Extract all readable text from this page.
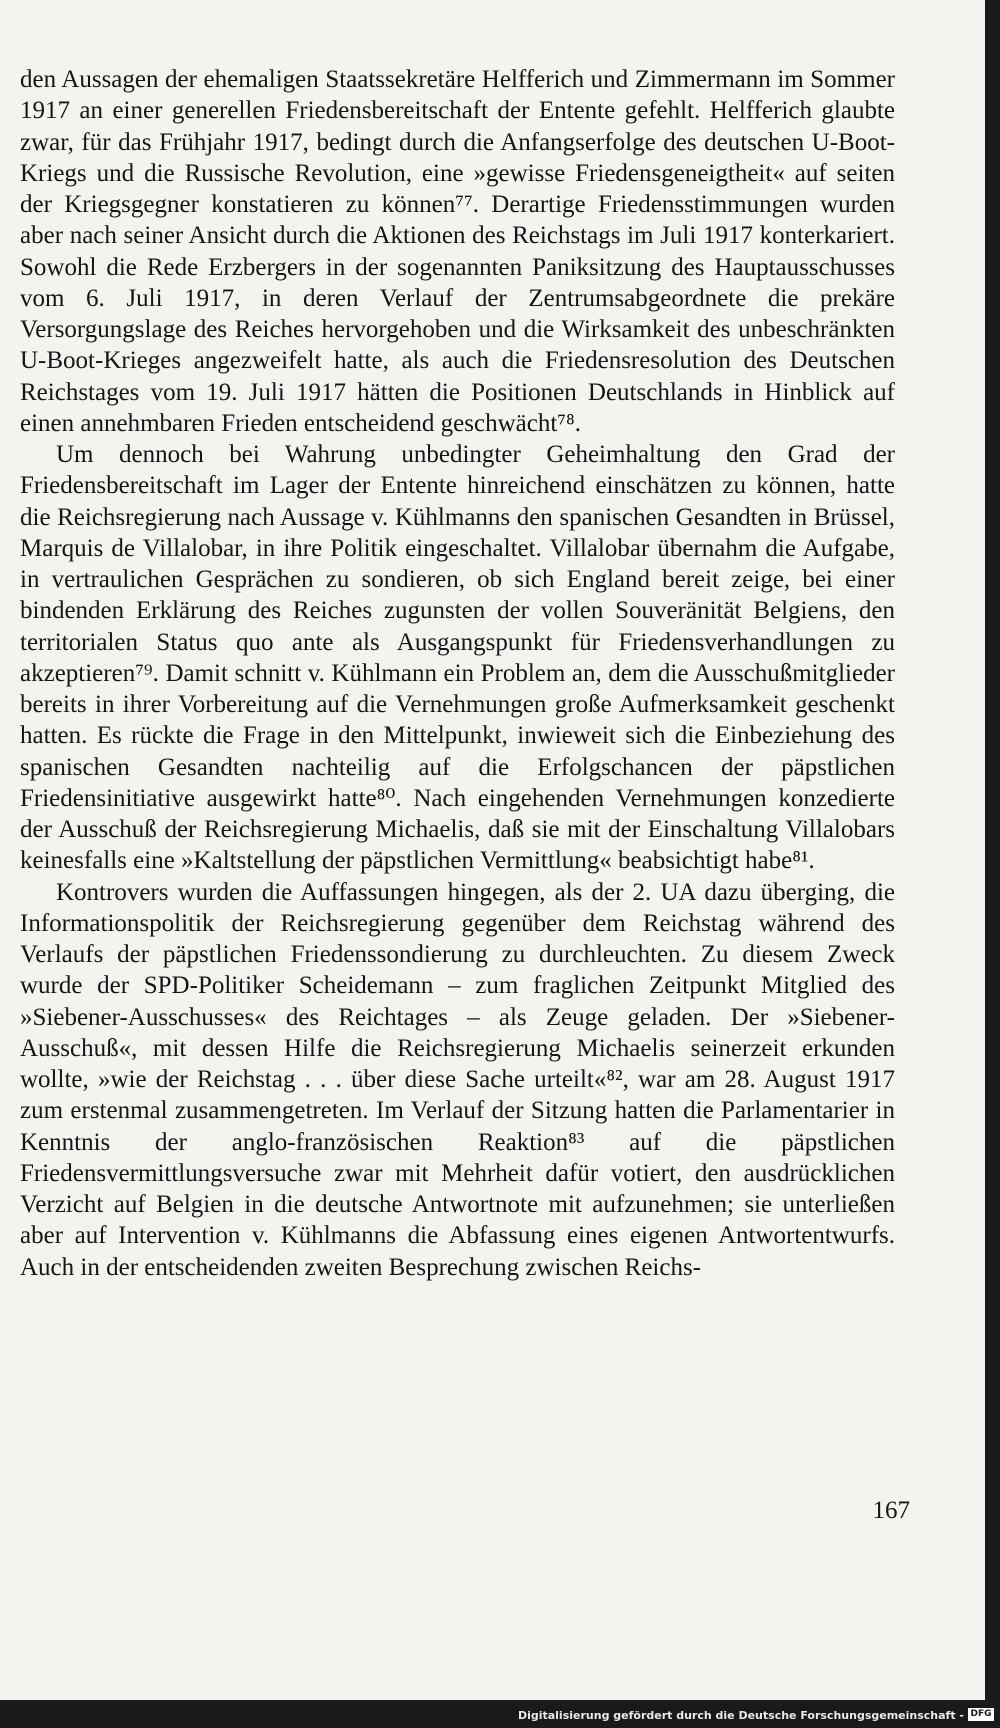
den Aussagen der ehemaligen Staatssekretäre Helfferich und Zimmermann im Sommer 1917 an einer generellen Friedensbereitschaft der Entente gefehlt. Helfferich glaubte zwar, für das Frühjahr 1917, bedingt durch die Anfangserfolge des deutschen U-Boot-Kriegs und die Russische Revolution, eine »gewisse Friedensgeneigtheit« auf seiten der Kriegsgegner konstatieren zu können⁷⁷. Derartige Friedensstimmungen wurden aber nach seiner Ansicht durch die Aktionen des Reichstags im Juli 1917 konterkariert. Sowohl die Rede Erzbergers in der sogenannten Paniksitzung des Hauptausschusses vom 6. Juli 1917, in deren Verlauf der Zentrumsabgeordnete die prekäre Versorgungslage des Reiches hervorgehoben und die Wirksamkeit des unbeschränkten U-Boot-Krieges angezweifelt hatte, als auch die Friedensresolution des Deutschen Reichstages vom 19. Juli 1917 hätten die Positionen Deutschlands in Hinblick auf einen annehmbaren Frieden entscheidend geschwächt⁷⁸.

Um dennoch bei Wahrung unbedingter Geheimhaltung den Grad der Friedensbereitschaft im Lager der Entente hinreichend einschätzen zu können, hatte die Reichsregierung nach Aussage v. Kühlmanns den spanischen Gesandten in Brüssel, Marquis de Villalobar, in ihre Politik eingeschaltet. Villalobar übernahm die Aufgabe, in vertraulichen Gesprächen zu sondieren, ob sich England bereit zeige, bei einer bindenden Erklärung des Reiches zugunsten der vollen Souveränität Belgiens, den territorialen Status quo ante als Ausgangspunkt für Friedensverhandlungen zu akzeptieren⁷⁹. Damit schnitt v. Kühlmann ein Problem an, dem die Ausschußmitglieder bereits in ihrer Vorbereitung auf die Vernehmungen große Aufmerksamkeit geschenkt hatten. Es rückte die Frage in den Mittelpunkt, inwieweit sich die Einbeziehung des spanischen Gesandten nachteilig auf die Erfolgschancen der päpstlichen Friedensinitiative ausgewirkt hatte⁸⁰. Nach eingehenden Vernehmungen konzedierte der Ausschuß der Reichsregierung Michaelis, daß sie mit der Einschaltung Villalobars keinesfalls eine »Kaltstellung der päpstlichen Vermittlung« beabsichtigt habe⁸¹.

Kontrovers wurden die Auffassungen hingegen, als der 2. UA dazu überging, die Informationspolitik der Reichsregierung gegenüber dem Reichstag während des Verlaufs der päpstlichen Friedenssondierung zu durchleuchten. Zu diesem Zweck wurde der SPD-Politiker Scheidemann – zum fraglichen Zeitpunkt Mitglied des »Siebener-Ausschusses« des Reichtages – als Zeuge geladen. Der »Siebener-Ausschuß«, mit dessen Hilfe die Reichsregierung Michaelis seinerzeit erkunden wollte, »wie der Reichstag . . . über diese Sache urteilt«⁸², war am 28. August 1917 zum erstenmal zusammengetreten. Im Verlauf der Sitzung hatten die Parlamentarier in Kenntnis der anglo-französischen Reaktion⁸³ auf die päpstlichen Friedensvermittlungsversuche zwar mit Mehrheit dafür votiert, den ausdrücklichen Verzicht auf Belgien in die deutsche Antwortnote mit aufzunehmen; sie unterließen aber auf Intervention v. Kühlmanns die Abfassung eines eigenen Antwortentwurfs. Auch in der entscheidenden zweiten Besprechung zwischen Reichs-

167
Digitalisierung gefördert durch die Deutsche Forschungsgemeinschaft - DFG
